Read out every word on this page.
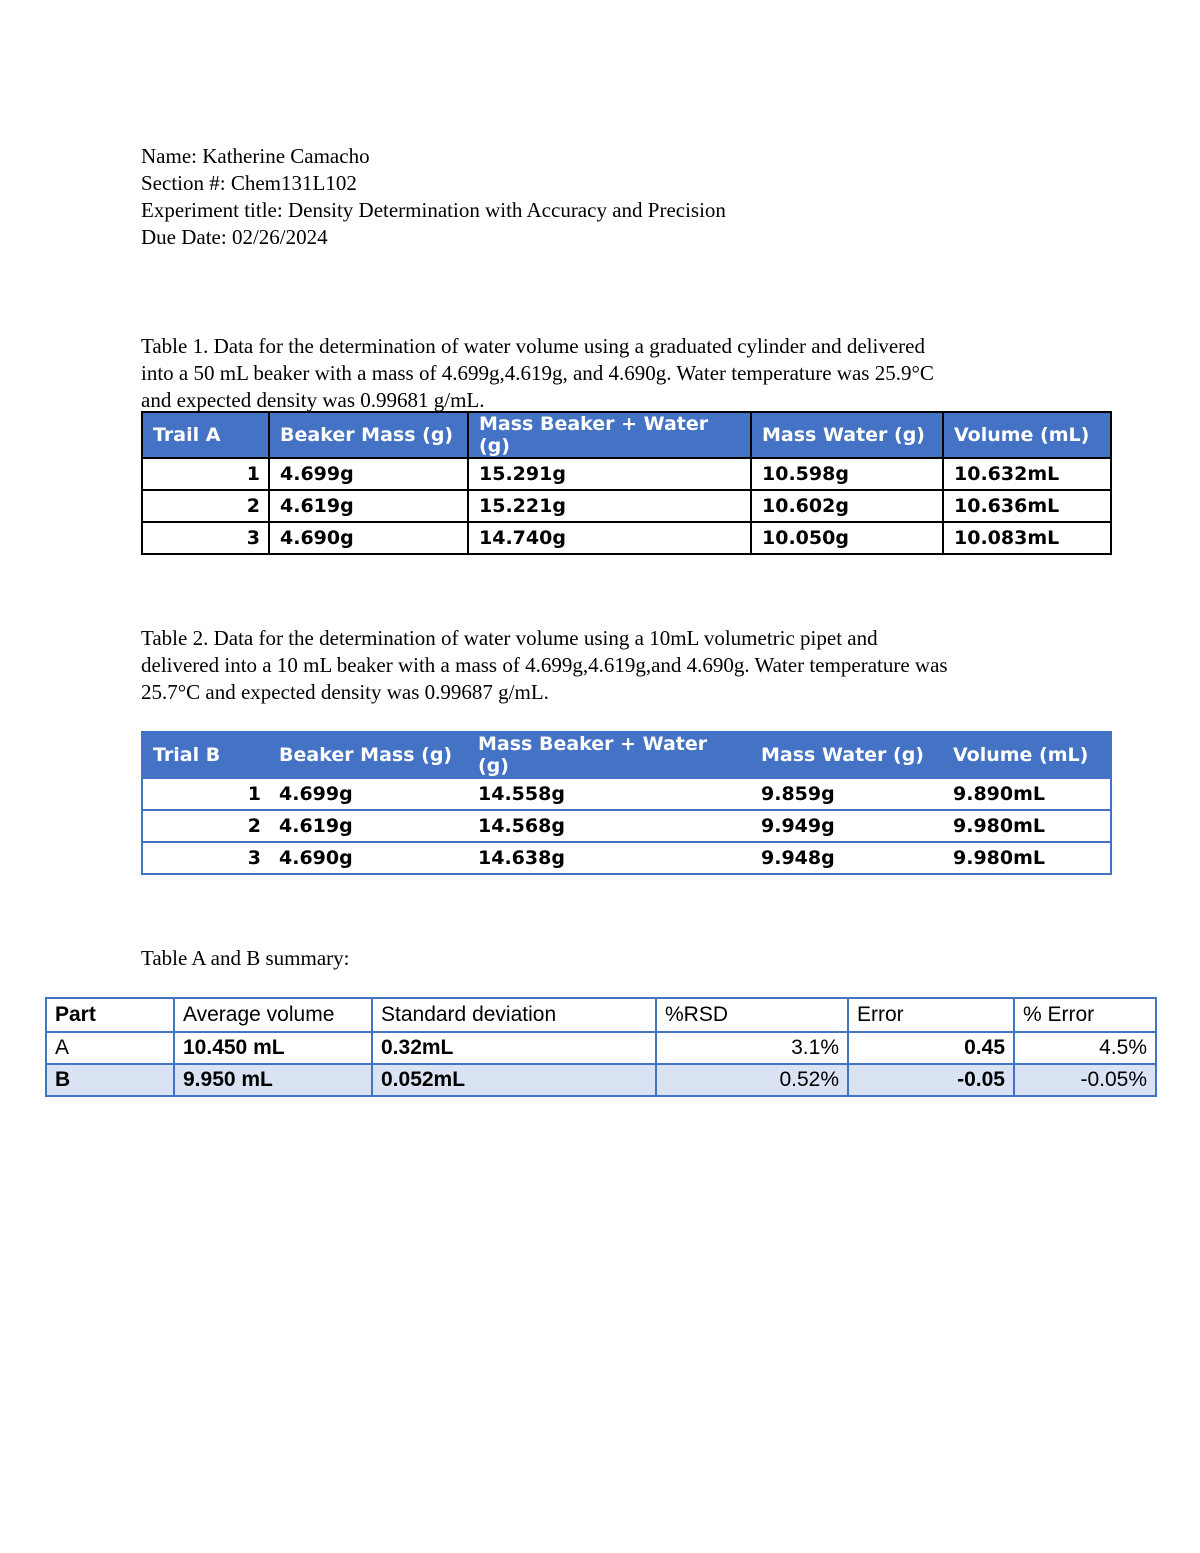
Name: Katherine Camacho
Section #: Chem131L102
Experiment title: Density Determination with Accuracy and Precision
Due Date: 02/26/2024
Table 1. Data for the determination of water volume using a graduated cylinder and delivered
into a 50 mL beaker with a mass of 4.699g,4.619g, and 4.690g. Water temperature was 25.9°C
and expected density was 0.99681 g/mL.
Trail A	Beaker Mass (g)	Mass Beaker + Water (g)	Mass Water (g)	Volume (mL)
1	4.699g	15.291g	10.598g	10.632mL
2	4.619g	15.221g	10.602g	10.636mL
3	4.690g	14.740g	10.050g	10.083mL
Table 2. Data for the determination of water volume using a 10mL volumetric pipet and
delivered into a 10 mL beaker with a mass of 4.699g,4.619g,and 4.690g. Water temperature was
25.7°C and expected density was 0.99687 g/mL.
Trial B	Beaker Mass (g)	Mass Beaker + Water (g)	Mass Water (g)	Volume (mL)
1	4.699g	14.558g	9.859g	9.890mL
2	4.619g	14.568g	9.949g	9.980mL
3	4.690g	14.638g	9.948g	9.980mL
Table A and B summary:
Part	Average volume	Standard deviation	%RSD	Error	% Error
A	10.450 mL	0.32mL	3.1%	0.45	4.5%
B	9.950 mL	0.052mL	0.52%	-0.05	-0.05%
